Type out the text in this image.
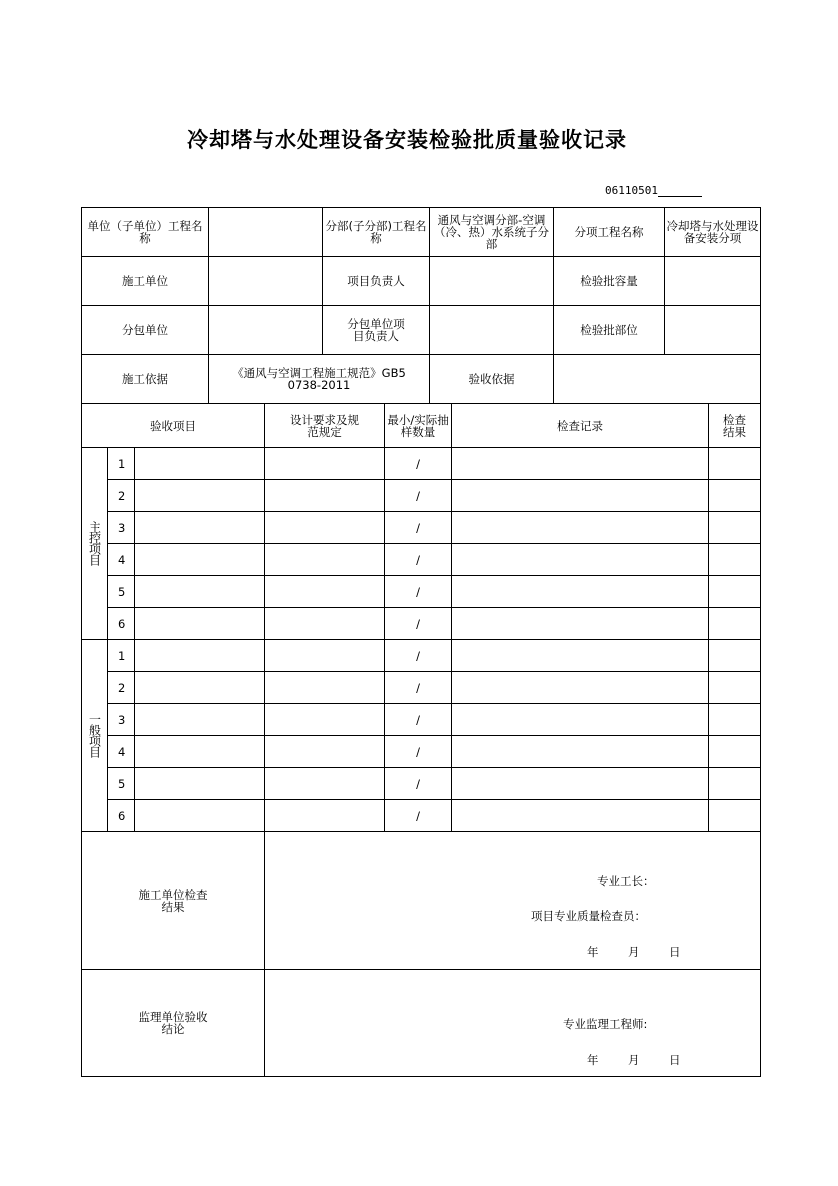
冷却塔与水处理设备安装检验批质量验收记录
06110501
单位（子单位）工程名称		分部(子分部)工程名称	通风与空调分部-空调（冷、热）水系统子分部	分项工程名称	冷却塔与水处理设备安装分项

施工单位		项目负责人		检验批容量	
分包单位		分包单位项目负责人		检验批部位	
施工依据	《通风与空调工程施工规范》GB50738-2011		验收依据		
验收项目			设计要求及规范规定	最小/实际抽样数量	检查记录	检查结果

主控项目	1			/		
	2			/		
	3			/		
	4			/		
	5			/		
	6			/		
一般项目	1			/		
	2			/		
	3			/		
	4			/		
	5			/		
	6			/		
施工单位检查结果	

监理单位验收结论	

专业工长：
项目专业质量检查员：
年	月	日
专业监理工程师:
年	月	日
